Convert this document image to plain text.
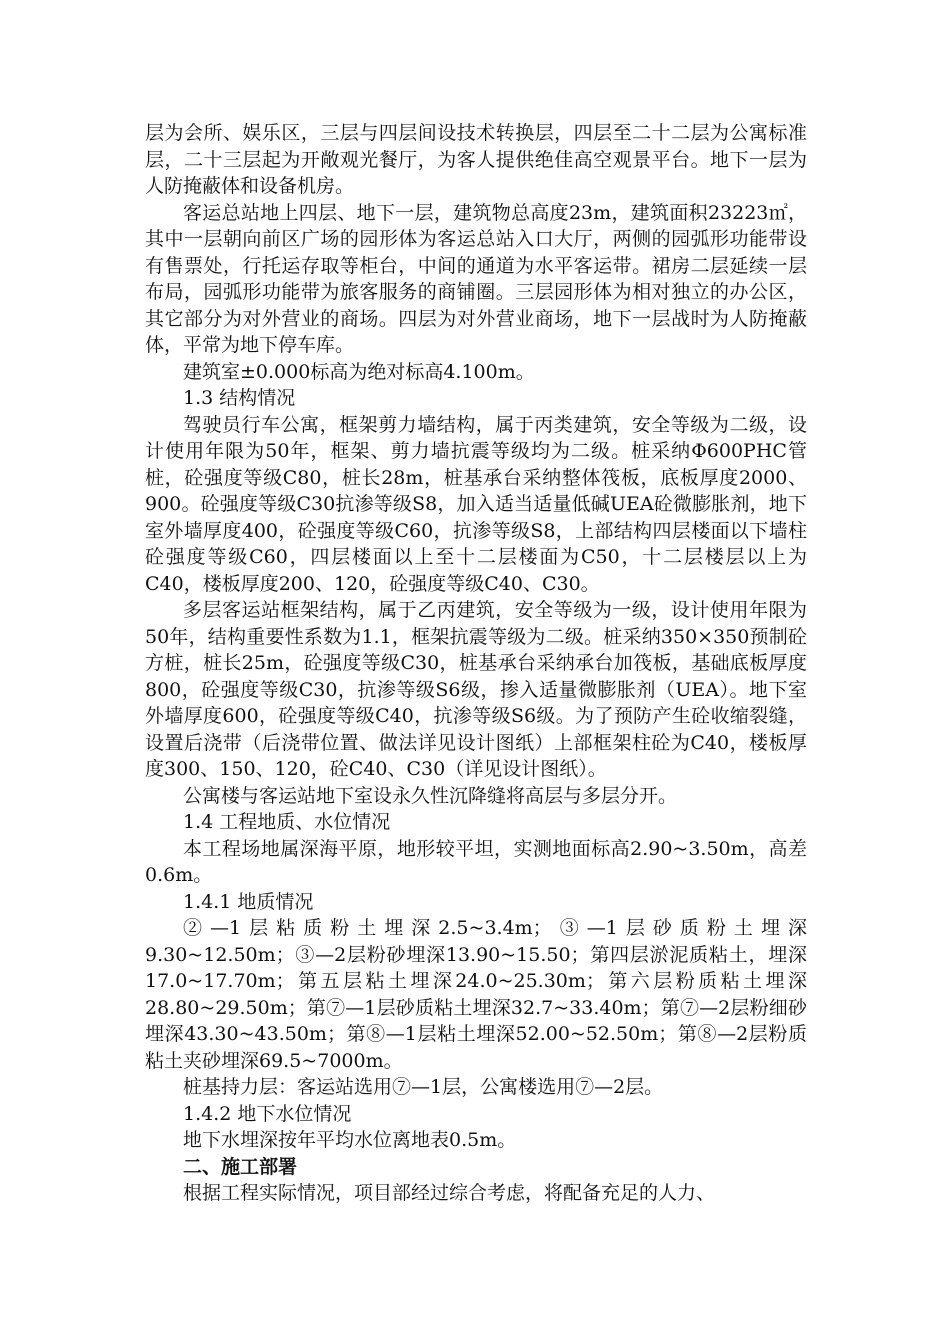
层为会所、娱乐区，三层与四层间设技术转换层，四层至二十二层为公寓标准层，二十三层起为开敞观光餐厅，为客人提供绝佳高空观景平台。地下一层为人防掩蔽体和设备机房。

客运总站地上四层、地下一层，建筑物总高度23m，建筑面积23223㎡，其中一层朝向前区广场的园形体为客运总站入口大厅，两侧的园弧形功能带设有售票处，行托运存取等柜台，中间的通道为水平客运带。裙房二层延续一层布局，园弧形功能带为旅客服务的商铺圈。三层园形体为相对独立的办公区，其它部分为对外营业的商场。四层为对外营业商场，地下一层战时为人防掩蔽体，平常为地下停车库。

建筑室±0.000标高为绝对标高4.100m。

1.3 结构情况

驾驶员行车公寓，框架剪力墙结构，属于丙类建筑，安全等级为二级，设计使用年限为50年，框架、剪力墙抗震等级均为二级。桩采纳Φ600PHC管桩，砼强度等级C80，桩长28m，桩基承台采纳整体筏板，底板厚度2000、900。砼强度等级C30抗渗等级S8，加入适当适量低碱UEA砼微膨胀剂，地下室外墙厚度400，砼强度等级C60，抗渗等级S8，上部结构四层楼面以下墙柱砼强度等级C60，四层楼面以上至十二层楼面为C50，十二层楼层以上为C40，楼板厚度200、120，砼强度等级C40、C30。

多层客运站框架结构，属于乙丙建筑，安全等级为一级，设计使用年限为50年，结构重要性系数为1.1，框架抗震等级为二级。桩采纳350×350预制砼方桩，桩长25m，砼强度等级C30，桩基承台采纳承台加筏板，基础底板厚度800，砼强度等级C30，抗渗等级S6级，掺入适量微膨胀剂（UEA）。地下室外墙厚度600，砼强度等级C40，抗渗等级S6级。为了预防产生砼收缩裂缝，设置后浇带（后浇带位置、做法详见设计图纸）上部框架柱砼为C40，楼板厚度300、150、120，砼C40、C30（详见设计图纸）。

公寓楼与客运站地下室设永久性沉降缝将高层与多层分开。

1.4 工程地质、水位情况

本工程场地属深海平原，地形较平坦，实测地面标高2.90~3.50m，高差0.6m。

1.4.1 地质情况

②—1层粘质粉土埋深2.5~3.4m；③—1层砂质粉土埋深9.30~12.50m；③—2层粉砂埋深13.90~15.50；第四层淤泥质粘土，埋深17.0~17.70m；第五层粘土埋深24.0~25.30m；第六层粉质粘土埋深28.80~29.50m；第⑦—1层砂质粘土埋深32.7~33.40m；第⑦—2层粉细砂埋深43.30~43.50m；第⑧—1层粘土埋深52.00~52.50m；第⑧—2层粉质粘土夹砂埋深69.5~7000m。

桩基持力层：客运站选用⑦—1层，公寓楼选用⑦—2层。

1.4.2 地下水位情况

地下水埋深按年平均水位离地表0.5m。

二、施工部署

根据工程实际情况，项目部经过综合考虑，将配备充足的人力、
